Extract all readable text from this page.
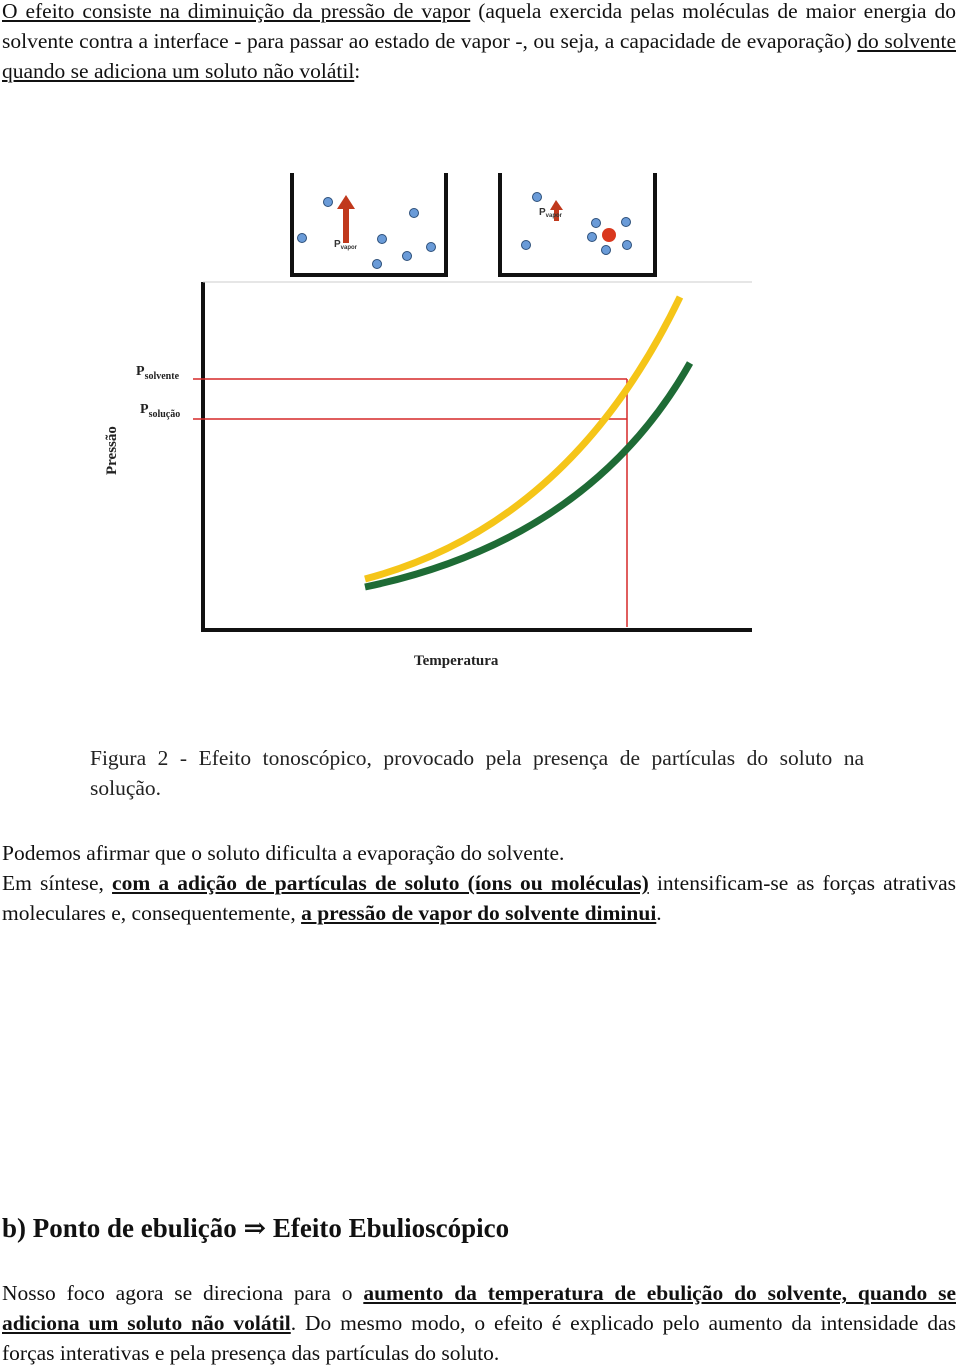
O efeito consiste na diminuição da pressão de vapor (aquela exercida pelas moléculas de maior energia do solvente contra a interface - para passar ao estado de vapor -, ou seja, a capacidade de evaporação) do solvente quando se adiciona um soluto não volátil:
$P_{vapor}$
$P_{vapor}$
$P_{solvente}$
$P_{solução}$
Pressão
Temperatura
Figura 2 - Efeito tonoscópico, provocado pela presença de partículas do soluto na solução.
Podemos afirmar que o soluto dificulta a evaporação do solvente.
Em síntese, com a adição de partículas de soluto (íons ou moléculas) intensificam-se as forças atrativas moleculares e, consequentemente, a pressão de vapor do solvente diminui.
b) Ponto de ebulição ⇒ Efeito Ebulioscópico
Nosso foco agora se direciona para o aumento da temperatura de ebulição do solvente, quando se adiciona um soluto não volátil. Do mesmo modo, o efeito é explicado pelo aumento da intensidade das forças interativas e pela presença das partículas do soluto.
